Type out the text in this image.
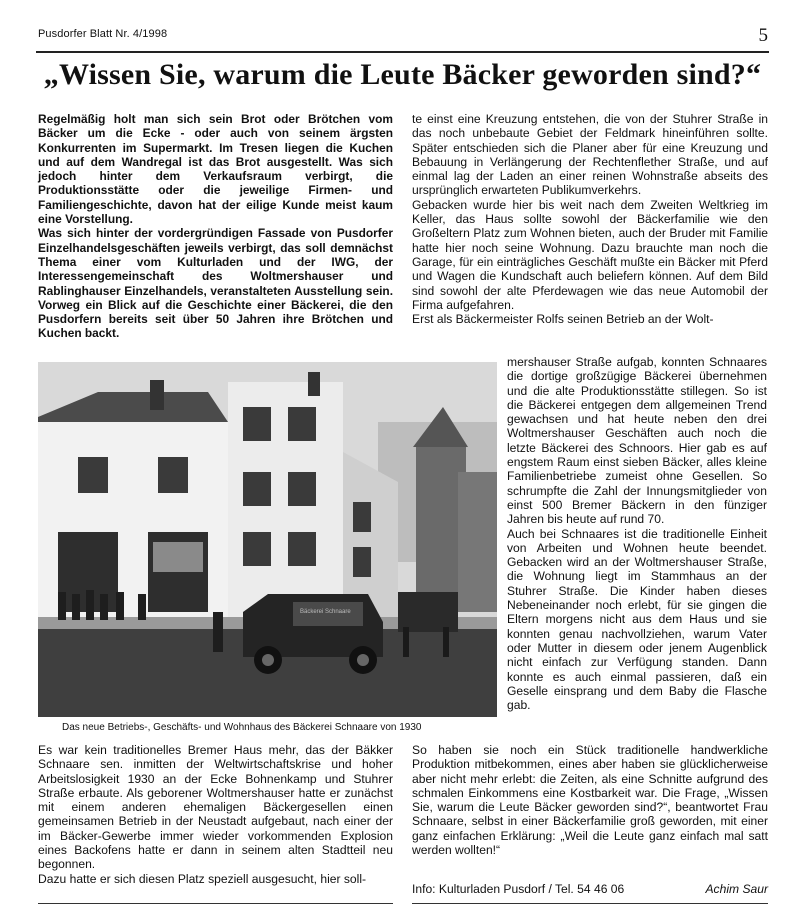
Pusdorfer Blatt Nr. 4/1998	5
„Wissen Sie, warum die Leute Bäcker geworden sind?“

Regelmäßig holt man sich sein Brot oder Brötchen vom Bäcker um die Ecke - oder auch von seinem ärgsten Konkurrenten im Supermarkt. Im Tresen liegen die Kuchen und auf dem Wandregal ist das Brot ausgestellt. Was sich jedoch hinter dem Verkaufsraum verbirgt, die Produktionsstätte oder die jeweilige Firmen- und Familiengeschichte, davon hat der eilige Kunde meist kaum eine Vorstellung.

Was sich hinter der vordergründigen Fassade von Pusdorfer Einzelhandelsgeschäften jeweils verbirgt, das soll demnächst Thema einer vom Kulturladen und der IWG, der Interessengemeinschaft des Woltmershauser und Rablinghauser Einzelhandels, veranstalteten Ausstellung sein. Vorweg ein Blick auf die Geschichte einer Bäckerei, die den Pusdorfern bereits seit über 50 Jahren ihre Brötchen und Kuchen backt.

te einst eine Kreuzung entstehen, die von der Stuhrer Straße in das noch unbebaute Gebiet der Feldmark hineinführen sollte. Später entschieden sich die Planer aber für eine Kreuzung und Bebauung in Verlängerung der Rechtenflether Straße, und auf einmal lag der Laden an einer reinen Wohnstraße abseits des ursprünglich erwarteten Publikumverkehrs.

Gebacken wurde hier bis weit nach dem Zweiten Weltkrieg im Keller, das Haus sollte sowohl der Bäckerfamilie wie den Großeltern Platz zum Wohnen bieten, auch der Bruder mit Familie hatte hier noch seine Wohnung. Dazu brauchte man noch die Garage, für ein einträgliches Geschäft mußte ein Bäcker mit Pferd und Wagen die Kundschaft auch beliefern können. Auf dem Bild sind sowohl der alte Pferdewagen wie das neue Automobil der Firma aufgefahren.

Erst als Bäckermeister Rolfs seinen Betrieb an der Wolt-

Bäckerei Schnaare
Das neue Betriebs-, Geschäfts- und Wohnhaus des Bäckerei Schnaare von 1930

mershauser Straße aufgab, konnten Schnaares die dortige großzügige Bäckerei übernehmen und die alte Produktionsstätte stillegen. So ist die Bäckerei entgegen dem allgemeinen Trend gewachsen und hat heute neben den drei Woltmershauser Geschäften auch noch die letzte Bäckerei des Schnoors. Hier gab es auf engstem Raum einst sieben Bäcker, alles kleine Familienbetriebe zumeist ohne Gesellen. So schrumpfte die Zahl der Innungsmitglieder von einst 500 Bremer Bäckern in den fünziger Jahren bis heute auf rund 70.

Auch bei Schnaares ist die traditionelle Einheit von Arbeiten und Wohnen heute beendet. Gebacken wird an der Woltmershauser Straße, die Wohnung liegt im Stammhaus an der Stuhrer Straße. Die Kinder haben dieses Nebeneinander noch erlebt, für sie gingen die Eltern morgens nicht aus dem Haus und sie konnten genau nachvollziehen, warum Vater oder Mutter in diesem oder jenem Augenblick nicht einfach zur Verfügung standen. Dann konnte es auch einmal passieren, daß ein Geselle einsprang und dem Baby die Flasche gab.

Es war kein traditionelles Bremer Haus mehr, das der Bäkker Schnaare sen. inmitten der Weltwirtschaftskrise und hoher Arbeitslosigkeit 1930 an der Ecke Bohnenkamp und Stuhrer Straße erbaute. Als geborener Woltmershauser hatte er zunächst mit einem anderen ehemaligen Bäckergesellen einen gemeinsamen Betrieb in der Neustadt aufgebaut, nach einer der im Bäcker-Gewerbe immer wieder vorkommenden Explosion eines Backofens hatte er dann in seinem alten Stadtteil neu begonnen.

Dazu hatte er sich diesen Platz speziell ausgesucht, hier soll-

So haben sie noch ein Stück traditionelle handwerkliche Produktion mitbekommen, eines aber haben sie glücklicherweise aber nicht mehr erlebt: die Zeiten, als eine Schnitte aufgrund des schmalen Einkommens eine Kostbarkeit war. Die Frage, „Wissen Sie, warum die Leute Bäcker geworden sind?“, beantwortet Frau Schnaare, selbst in einer Bäckerfamilie groß geworden, mit einer ganz einfachen Erklärung: „Weil die Leute ganz einfach mal satt werden wollten!“

Info: Kulturladen Pusdorf / Tel. 54 46 06	Achim Saur
